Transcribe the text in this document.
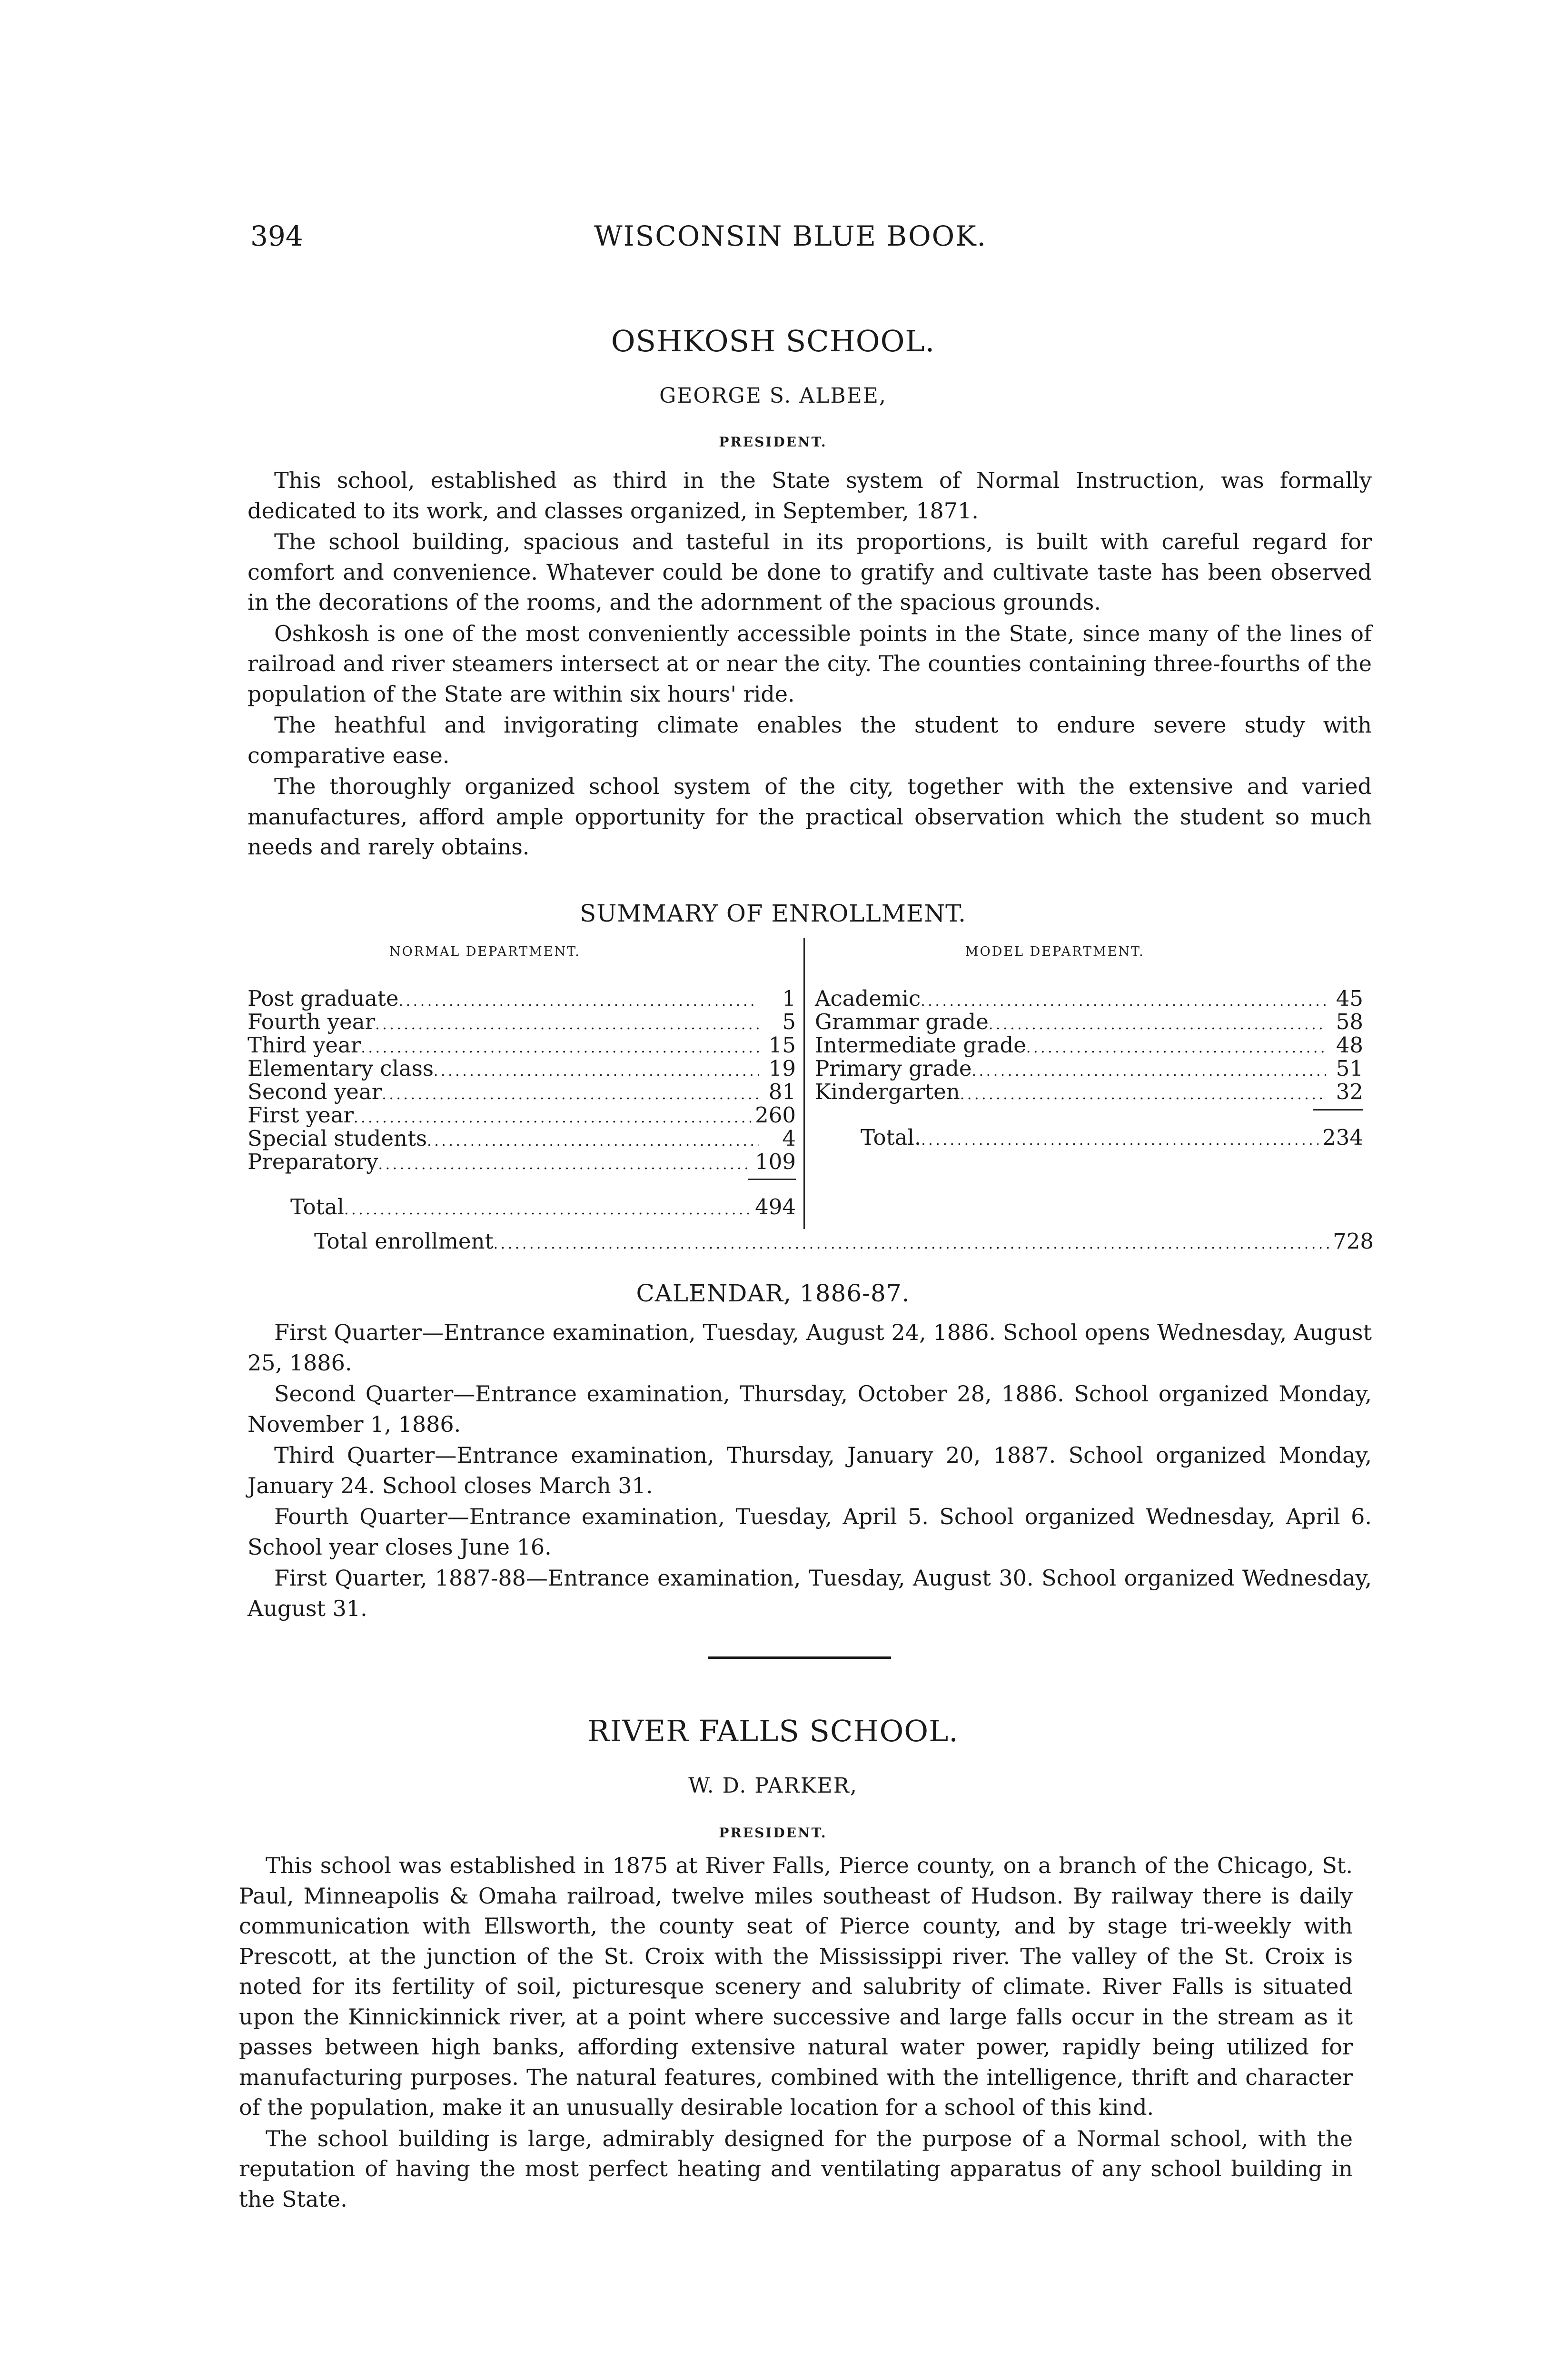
394	WISCONSIN BLUE BOOK.
OSHKOSH SCHOOL.
GEORGE S. ALBEE,
PRESIDENT.

This school, established as third in the State system of Normal Instruction, was formally dedicated to its work, and classes organized, in September, 1871.

The school building, spacious and tasteful in its proportions, is built with careful regard for comfort and convenience. Whatever could be done to gratify and cultivate taste has been observed in the decorations of the rooms, and the adornment of the spacious grounds.

Oshkosh is one of the most conveniently accessible points in the State, since many of the lines of railroad and river steamers intersect at or near the city. The counties containing three-fourths of the population of the State are within six hours' ride.

The heathful and invigorating climate enables the student to endure severe study with comparative ease.

The thoroughly organized school system of the city, together with the extensive and varied manufactures, afford ample opportunity for the practical observation which the student so much needs and rarely obtains.

SUMMARY OF ENROLLMENT.
NORMAL DEPARTMENT.	MODEL DEPARTMENT.
Post graduate . . .	1
Fourth year . . .	5
Third year . . .	15
Elementary class . . .	19
Second year . . .	81
First year . . .	260
Special students . . .	4
Preparatory . . .	109
Total . . .	494
Academic . . .	45
Grammar grade . . .	58
Intermediate grade . . .	48
Primary grade . . .	51
Kindergarten . . .	32
Total. . . .	234
Total enrollment . . .	728
CALENDAR, 1886-87.

First Quarter—Entrance examination, Tuesday, August 24, 1886. School opens Wednesday, August 25, 1886.

Second Quarter—Entrance examination, Thursday, October 28, 1886. School organized Monday, November 1, 1886.

Third Quarter—Entrance examination, Thursday, January 20, 1887. School organized Monday, January 24. School closes March 31.

Fourth Quarter—Entrance examination, Tuesday, April 5. School organized Wednesday, April 6. School year closes June 16.

First Quarter, 1887-88—Entrance examination, Tuesday, August 30. School organized Wednesday, August 31.

RIVER FALLS SCHOOL.
W. D. PARKER,
PRESIDENT.

This school was established in 1875 at River Falls, Pierce county, on a branch of the Chicago, St. Paul, Minneapolis & Omaha railroad, twelve miles southeast of Hudson. By railway there is daily communication with Ellsworth, the county seat of Pierce county, and by stage tri-weekly with Prescott, at the junction of the St. Croix with the Mississippi river. The valley of the St. Croix is noted for its fertility of soil, picturesque scenery and salubrity of climate. River Falls is situated upon the Kinnickinnick river, at a point where successive and large falls occur in the stream as it passes between high banks, affording extensive natural water power, rapidly being utilized for manufacturing purposes. The natural features, combined with the intelligence, thrift and character of the population, make it an unusually desirable location for a school of this kind.

The school building is large, admirably designed for the purpose of a Normal school, with the reputation of having the most perfect heating and ventilating apparatus of any school building in the State.
